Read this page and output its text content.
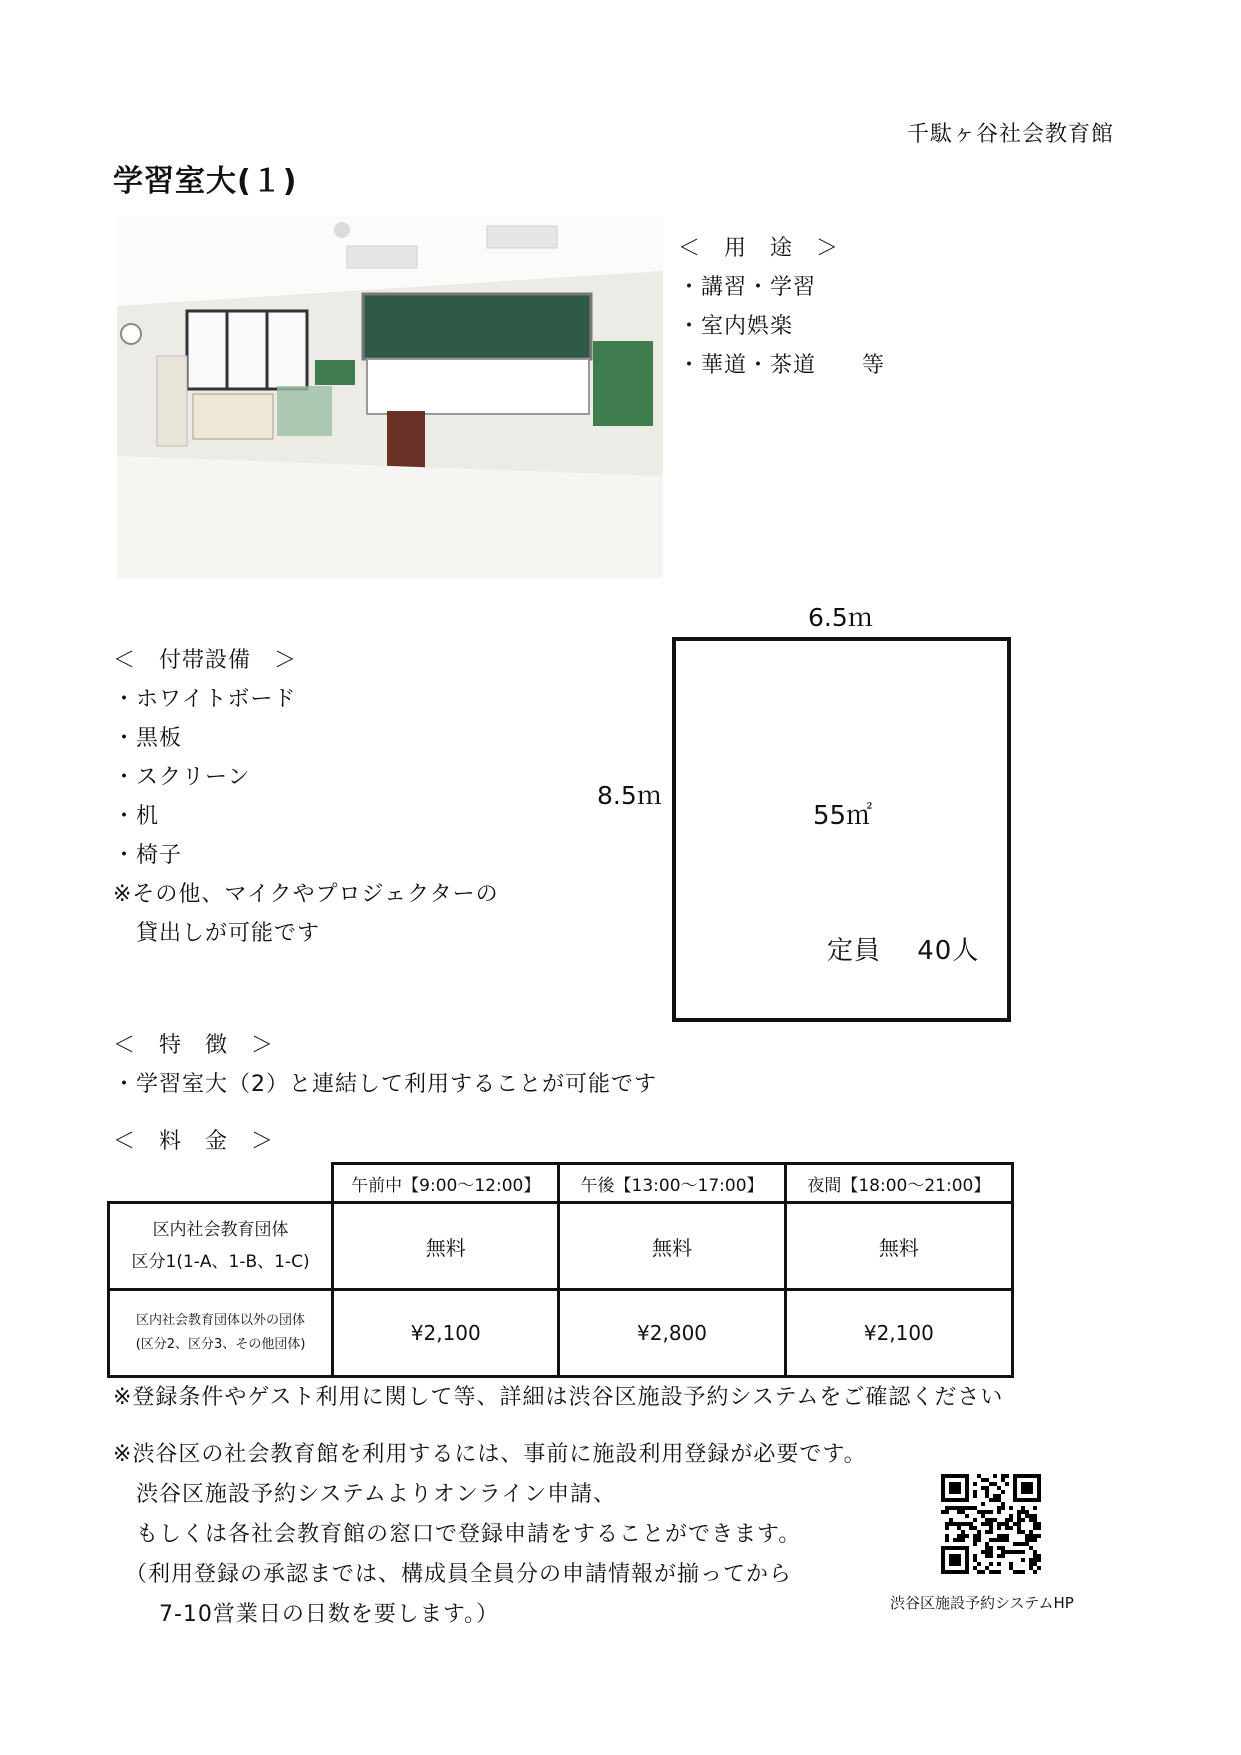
千駄ヶ谷社会教育館
学習室大(１)
＜　用　途　＞
・講習・学習
・室内娯楽
・華道・茶道　　等
＜　付帯設備　＞
・ホワイトボード
・黒板
・スクリーン
・机
・椅子
※その他、マイクやプロジェクターの
　貸出しが可能です
6.5ｍ
8.5ｍ
55㎡
定員　 40人
＜　特　徴　＞
・学習室大（2）と連結して利用することが可能です
＜　料　金　＞
	午前中【9:00～12:00】	午後【13:00～17:00】	夜間【18:00～21:00】

区内社会教育団体
区分1(1-A、1-B、1-C)	無料	無料	無料

区内社会教育団体以外の団体
(区分2、区分3、その他団体)	¥2,100	¥2,800	¥2,100
※登録条件やゲスト利用に関して等、詳細は渋谷区施設予約システムをご確認ください
※渋谷区の社会教育館を利用するには、事前に施設利用登録が必要です。
　渋谷区施設予約システムよりオンライン申請、
　もしくは各社会教育館の窓口で登録申請をすることができます。
　（利用登録の承認までは、構成員全員分の申請情報が揃ってから
　　7-10営業日の日数を要します。）	渋谷区施設予約システムHP
